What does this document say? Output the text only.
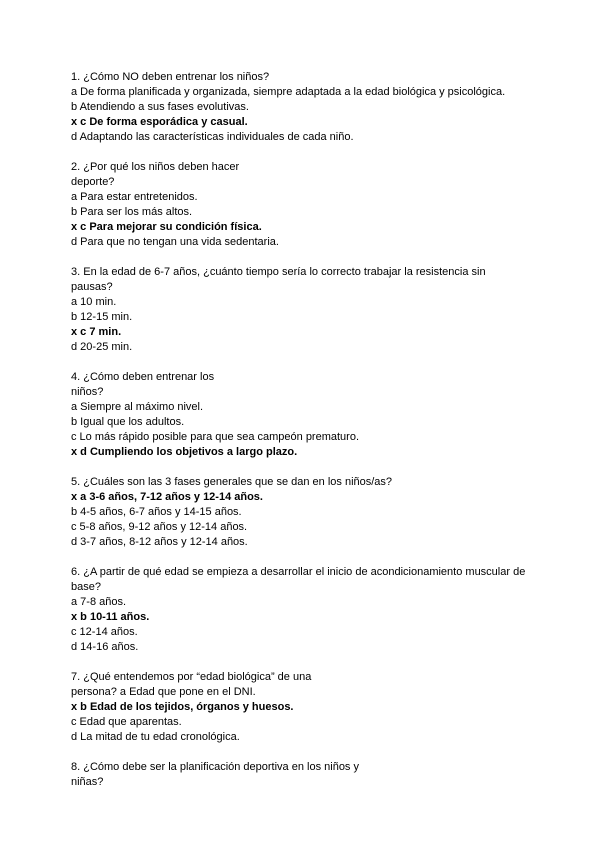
1. ¿Cómo NO deben entrenar los niños?
a De forma planificada y organizada, siempre adaptada a la edad biológica y psicológica.
b Atendiendo a sus fases evolutivas.
x c De forma esporádica y casual.
d Adaptando las características individuales de cada niño.
2. ¿Por qué los niños deben hacer
deporte?
a Para estar entretenidos.
b Para ser los más altos.
x c Para mejorar su condición física.
d Para que no tengan una vida sedentaria.
3. En la edad de 6-7 años, ¿cuánto tiempo sería lo correcto trabajar la resistencia sin
pausas?
a 10 min.
b 12-15 min.
x c 7 min.
d 20-25 min.
4. ¿Cómo deben entrenar los
niños?
a Siempre al máximo nivel.
b Igual que los adultos.
c Lo más rápido posible para que sea campeón prematuro.
x d Cumpliendo los objetivos a largo plazo.
5. ¿Cuáles son las 3 fases generales que se dan en los niños/as?
x a 3-6 años, 7-12 años y 12-14 años.
b 4-5 años, 6-7 años y 14-15 años.
c 5-8 años, 9-12 años y 12-14 años.
d 3-7 años, 8-12 años y 12-14 años.
6. ¿A partir de qué edad se empieza a desarrollar el inicio de acondicionamiento muscular de
base?
a 7-8 años.
x b 10-11 años.
c 12-14 años.
d 14-16 años.
7. ¿Qué entendemos por “edad biológica” de una
persona? a Edad que pone en el DNI.
x b Edad de los tejidos, órganos y huesos.
c Edad que aparentas.
d La mitad de tu edad cronológica.
8. ¿Cómo debe ser la planificación deportiva en los niños y
niñas?
